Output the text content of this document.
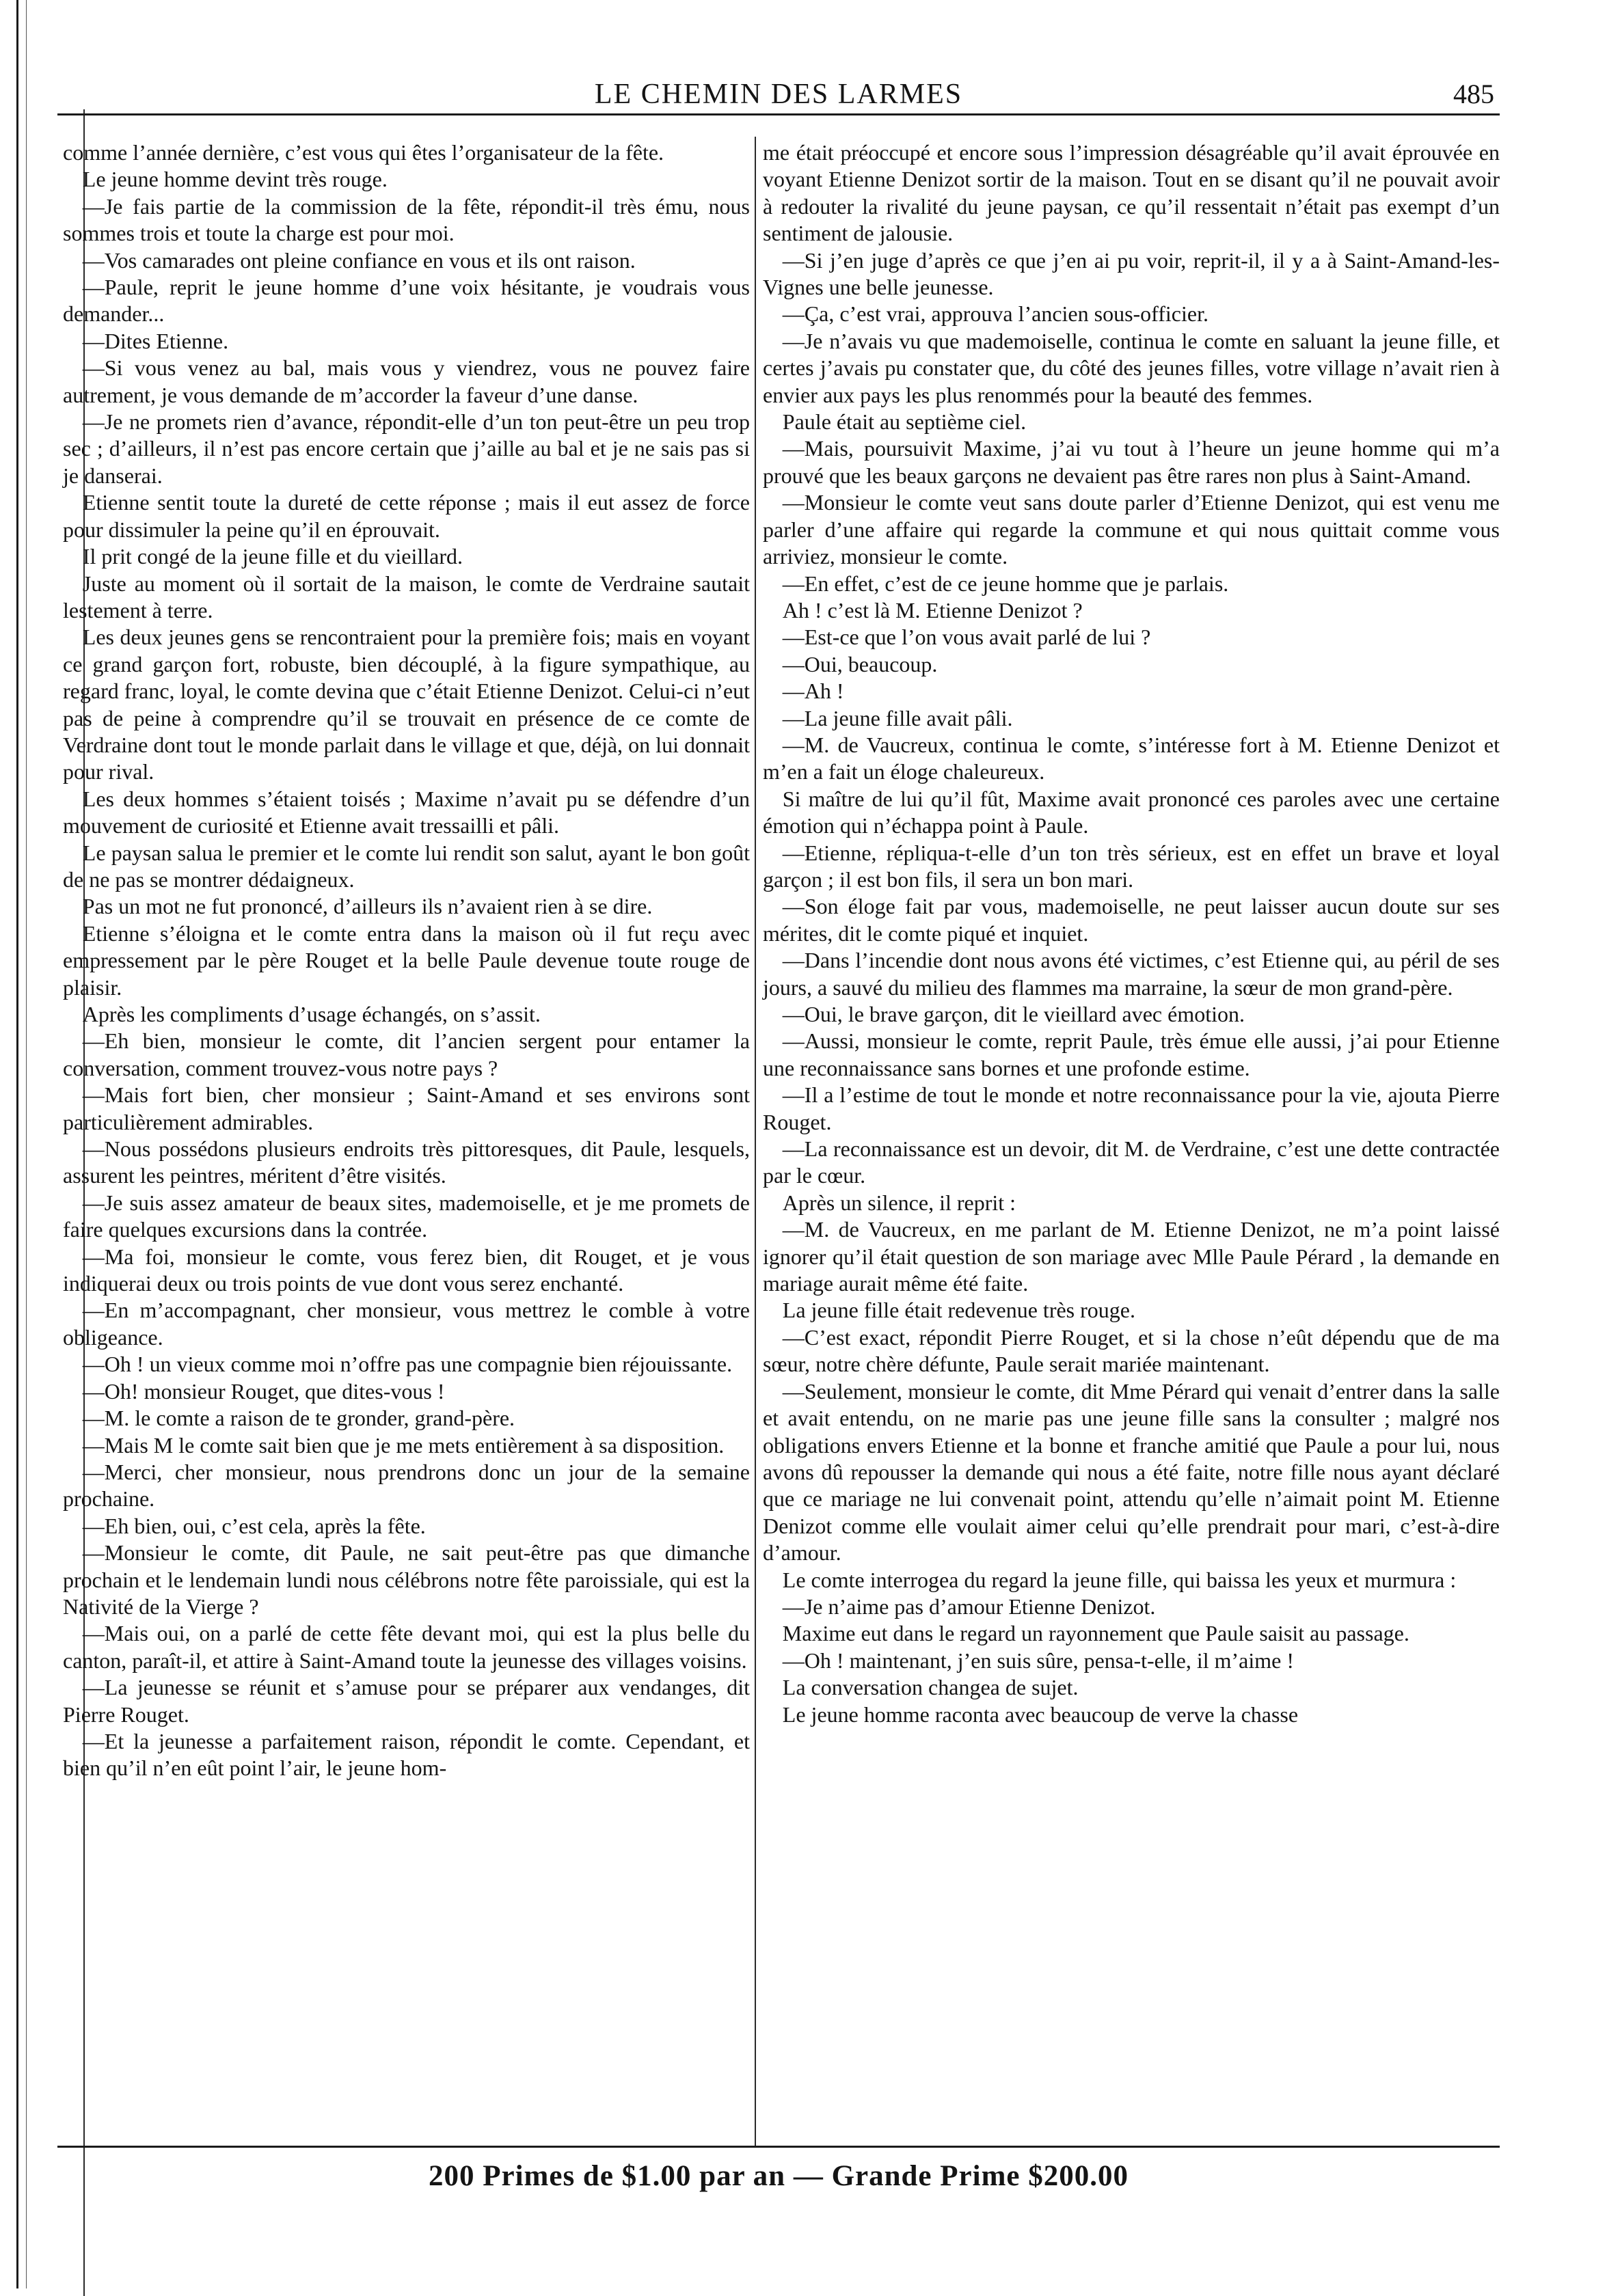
LE CHEMIN DES LARMES	485

comme l’année dernière, c’est vous qui êtes l’organisateur de la fête.

Le jeune homme devint très rouge.

—Je fais partie de la commission de la fête, répondit-il très ému, nous sommes trois et toute la charge est pour moi.

—Vos camarades ont pleine confiance en vous et ils ont raison.

—Paule, reprit le jeune homme d’une voix hésitante, je voudrais vous demander...

—Dites Etienne.

—Si vous venez au bal, mais vous y viendrez, vous ne pouvez faire autrement, je vous demande de m’accorder la faveur d’une danse.

—Je ne promets rien d’avance, répondit-elle d’un ton peut-être un peu trop sec ; d’ailleurs, il n’est pas encore certain que j’aille au bal et je ne sais pas si je danserai.

Etienne sentit toute la dureté de cette réponse ; mais il eut assez de force pour dissimuler la peine qu’il en éprouvait.

Il prit congé de la jeune fille et du vieillard.

Juste au moment où il sortait de la maison, le comte de Verdraine sautait lestement à terre.

Les deux jeunes gens se rencontraient pour la première fois; mais en voyant ce grand garçon fort, robuste, bien découplé, à la figure sympathique, au regard franc, loyal, le comte devina que c’était Etienne Denizot. Celui-ci n’eut pas de peine à comprendre qu’il se trouvait en présence de ce comte de Verdraine dont tout le monde parlait dans le village et que, déjà, on lui donnait pour rival.

Les deux hommes s’étaient toisés ; Maxime n’avait pu se défendre d’un mouvement de curiosité et Etienne avait tressailli et pâli.

Le paysan salua le premier et le comte lui rendit son salut, ayant le bon goût de ne pas se montrer dédaigneux.

Pas un mot ne fut prononcé, d’ailleurs ils n’avaient rien à se dire.

Etienne s’éloigna et le comte entra dans la maison où il fut reçu avec empressement par le père Rouget et la belle Paule devenue toute rouge de plaisir.

Après les compliments d’usage échangés, on s’assit.

—Eh bien, monsieur le comte, dit l’ancien sergent pour entamer la conversation, comment trouvez-vous notre pays ?

—Mais fort bien, cher monsieur ; Saint-Amand et ses environs sont particulièrement admirables.

—Nous possédons plusieurs endroits très pittoresques, dit Paule, lesquels, assurent les peintres, méritent d’être visités.

—Je suis assez amateur de beaux sites, mademoiselle, et je me promets de faire quelques excursions dans la contrée.

—Ma foi, monsieur le comte, vous ferez bien, dit Rouget, et je vous indiquerai deux ou trois points de vue dont vous serez enchanté.

—En m’accompagnant, cher monsieur, vous mettrez le comble à votre obligeance.

—Oh ! un vieux comme moi n’offre pas une compagnie bien réjouissante.

—Oh! monsieur Rouget, que dites-vous !

—M. le comte a raison de te gronder, grand-père.

—Mais M le comte sait bien que je me mets entièrement à sa disposition.

—Merci, cher monsieur, nous prendrons donc un jour de la semaine prochaine.

—Eh bien, oui, c’est cela, après la fête.

—Monsieur le comte, dit Paule, ne sait peut-être pas que dimanche prochain et le lendemain lundi nous célébrons notre fête paroissiale, qui est la Nativité de la Vierge ?

—Mais oui, on a parlé de cette fête devant moi, qui est la plus belle du canton, paraît-il, et attire à Saint-Amand toute la jeunesse des villages voisins.

—La jeunesse se réunit et s’amuse pour se préparer aux vendanges, dit Pierre Rouget.

—Et la jeunesse a parfaitement raison, répondit le comte. Cependant, et bien qu’il n’en eût point l’air, le jeune hom-

me était préoccupé et encore sous l’impression désagréable qu’il avait éprouvée en voyant Etienne Denizot sortir de la maison. Tout en se disant qu’il ne pouvait avoir à redouter la rivalité du jeune paysan, ce qu’il ressentait n’était pas exempt d’un sentiment de jalousie.

—Si j’en juge d’après ce que j’en ai pu voir, reprit-il, il y a à Saint-Amand-les-Vignes une belle jeunesse.

—Ça, c’est vrai, approuva l’ancien sous-officier.

—Je n’avais vu que mademoiselle, continua le comte en saluant la jeune fille, et certes j’avais pu constater que, du côté des jeunes filles, votre village n’avait rien à envier aux pays les plus renommés pour la beauté des femmes.

Paule était au septième ciel.

—Mais, poursuivit Maxime, j’ai vu tout à l’heure un jeune homme qui m’a prouvé que les beaux garçons ne devaient pas être rares non plus à Saint-Amand.

—Monsieur le comte veut sans doute parler d’Etienne Denizot, qui est venu me parler d’une affaire qui regarde la commune et qui nous quittait comme vous arriviez, monsieur le comte.

—En effet, c’est de ce jeune homme que je parlais.

Ah ! c’est là M. Etienne Denizot ?

—Est-ce que l’on vous avait parlé de lui ?

—Oui, beaucoup.

—Ah !

—La jeune fille avait pâli.

—M. de Vaucreux, continua le comte, s’intéresse fort à M. Etienne Denizot et m’en a fait un éloge chaleureux.

Si maître de lui qu’il fût, Maxime avait prononcé ces paroles avec une certaine émotion qui n’échappa point à Paule.

—Etienne, répliqua-t-elle d’un ton très sérieux, est en effet un brave et loyal garçon ; il est bon fils, il sera un bon mari.

—Son éloge fait par vous, mademoiselle, ne peut laisser aucun doute sur ses mérites, dit le comte piqué et inquiet.

—Dans l’incendie dont nous avons été victimes, c’est Etienne qui, au péril de ses jours, a sauvé du milieu des flammes ma marraine, la sœur de mon grand-père.

—Oui, le brave garçon, dit le vieillard avec émotion.

—Aussi, monsieur le comte, reprit Paule, très émue elle aussi, j’ai pour Etienne une reconnaissance sans bornes et une profonde estime.

—Il a l’estime de tout le monde et notre reconnaissance pour la vie, ajouta Pierre Rouget.

—La reconnaissance est un devoir, dit M. de Verdraine, c’est une dette contractée par le cœur.

Après un silence, il reprit :

—M. de Vaucreux, en me parlant de M. Etienne Denizot, ne m’a point laissé ignorer qu’il était question de son mariage avec Mlle Paule Pérard , la demande en mariage aurait même été faite.

La jeune fille était redevenue très rouge.

—C’est exact, répondit Pierre Rouget, et si la chose n’eût dépendu que de ma sœur, notre chère défunte, Paule serait mariée maintenant.

—Seulement, monsieur le comte, dit Mme Pérard qui venait d’entrer dans la salle et avait entendu, on ne marie pas une jeune fille sans la consulter ; malgré nos obligations envers Etienne et la bonne et franche amitié que Paule a pour lui, nous avons dû repousser la demande qui nous a été faite, notre fille nous ayant déclaré que ce mariage ne lui convenait point, attendu qu’elle n’aimait point M. Etienne Denizot comme elle voulait aimer celui qu’elle prendrait pour mari, c’est-à-dire d’amour.

Le comte interrogea du regard la jeune fille, qui baissa les yeux et murmura :

—Je n’aime pas d’amour Etienne Denizot.

Maxime eut dans le regard un rayonnement que Paule saisit au passage.

—Oh ! maintenant, j’en suis sûre, pensa-t-elle, il m’aime !

La conversation changea de sujet.

Le jeune homme raconta avec beaucoup de verve la chasse

200 Primes de $1.00 par an — Grande Prime $200.00
